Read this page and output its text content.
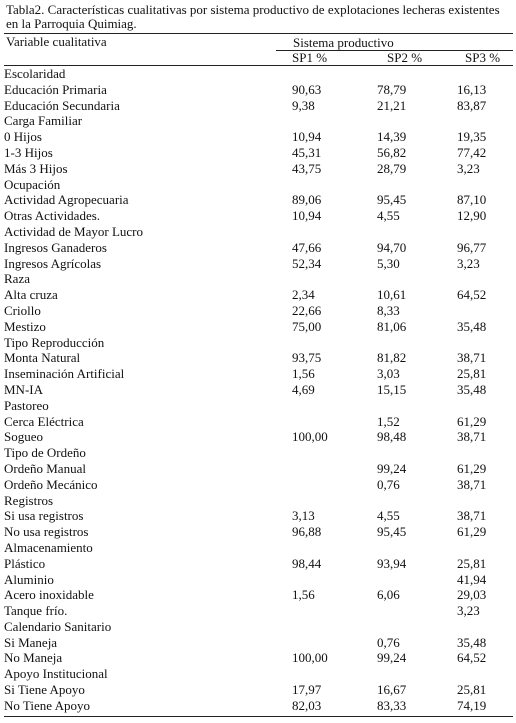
Tabla2. Características cualitativas por sistema productivo de explotaciones lecheras existentes en la Parroquia Quimiag.
Variable cualitativa	Sistema productivo
SP1 %	SP2 %	SP3 %
Escolaridad			
Educación Primaria	90,63	78,79	16,13
Educación Secundaria	9,38	21,21	83,87
Carga Familiar			
0 Hijos	10,94	14,39	19,35
1-3 Hijos	45,31	56,82	77,42
Más 3 Hijos	43,75	28,79	3,23
Ocupación			
Actividad Agropecuaria	89,06	95,45	87,10
Otras Actividades.	10,94	4,55	12,90
Actividad de Mayor Lucro			
Ingresos Ganaderos	47,66	94,70	96,77
Ingresos Agrícolas	52,34	5,30	3,23
Raza			
Alta cruza	2,34	10,61	64,52
Criollo	22,66	8,33	
Mestizo	75,00	81,06	35,48
Tipo Reproducción			
Monta Natural	93,75	81,82	38,71
Inseminación Artificial	1,56	3,03	25,81
MN-IA	4,69	15,15	35,48
Pastoreo			
Cerca Eléctrica		1,52	61,29
Sogueo	100,00	98,48	38,71
Tipo de Ordeño			
Ordeño Manual		99,24	61,29
Ordeño Mecánico		0,76	38,71
Registros			
Si usa registros	3,13	4,55	38,71
No usa registros	96,88	95,45	61,29
Almacenamiento			
Plástico	98,44	93,94	25,81
Aluminio			41,94
Acero inoxidable	1,56	6,06	29,03
Tanque frío.			3,23
Calendario Sanitario			
Si Maneja		0,76	35,48
No Maneja	100,00	99,24	64,52
Apoyo Institucional			
Si Tiene Apoyo	17,97	16,67	25,81
No Tiene Apoyo	82,03	83,33	74,19
